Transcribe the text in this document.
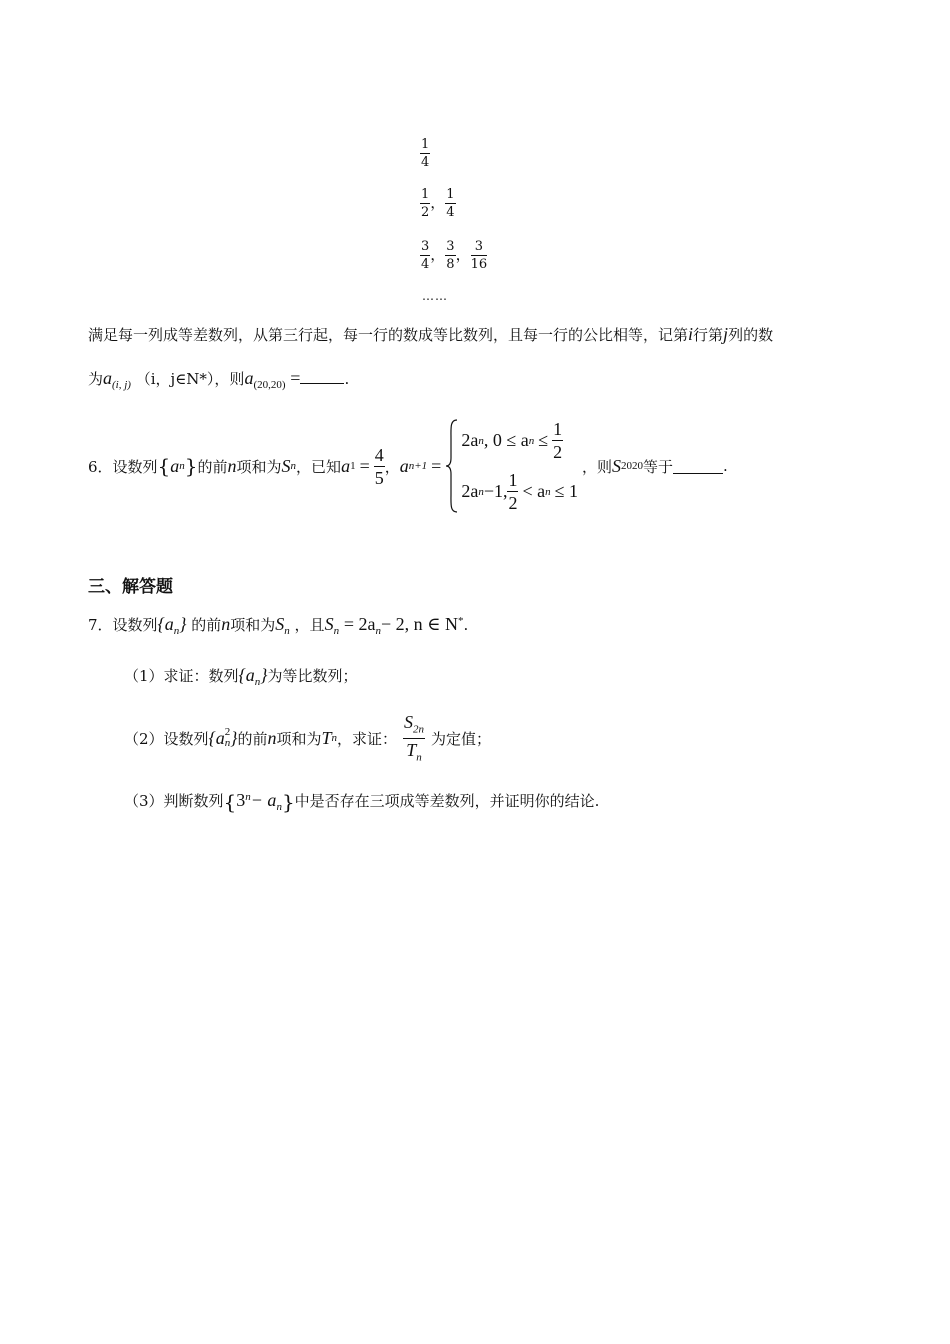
$\frac{1}{4}$
$\frac{1}{2}$ ， $\frac{1}{4}$
$\frac{3}{4}$ ， $\frac{3}{8}$ ， $\frac{3}{16}$
……
满足每一列成等差数列，从第三行起，每一行的数成等比数列，且每一行的公比相等，记第i行第j列的数
为$a_{(i, j)}$ （i，j∈N*），则$a_{(20,20)}$ =	.
6．设数列 { a n } 的前 n 项和为 S n ，已知 a $1 = \frac{4}{5}$ ， a n+1 =
2a n , 0 ≤ a $n \le \frac{1}{2}$
2a n −1, $\frac{1}{2} < a$ n ≤ 1
，则 S 2020 等于	.
三、解答题
7．设数列$\{a_n\}$ 的前n项和为$S_n$ ，且$S_n = 2a_n- 2$, n ∈ N*.
（1）求证：数列$\{a_n\}$为等比数列；
（2）设数列 {a 2
n } 的前 n 项和为 T n ，求证： $\frac{S_{2n}}{T_n}$ 为定值；
（3）判断数列$\{3^n- a_n\}$中是否存在三项成等差数列，并证明你的结论.
